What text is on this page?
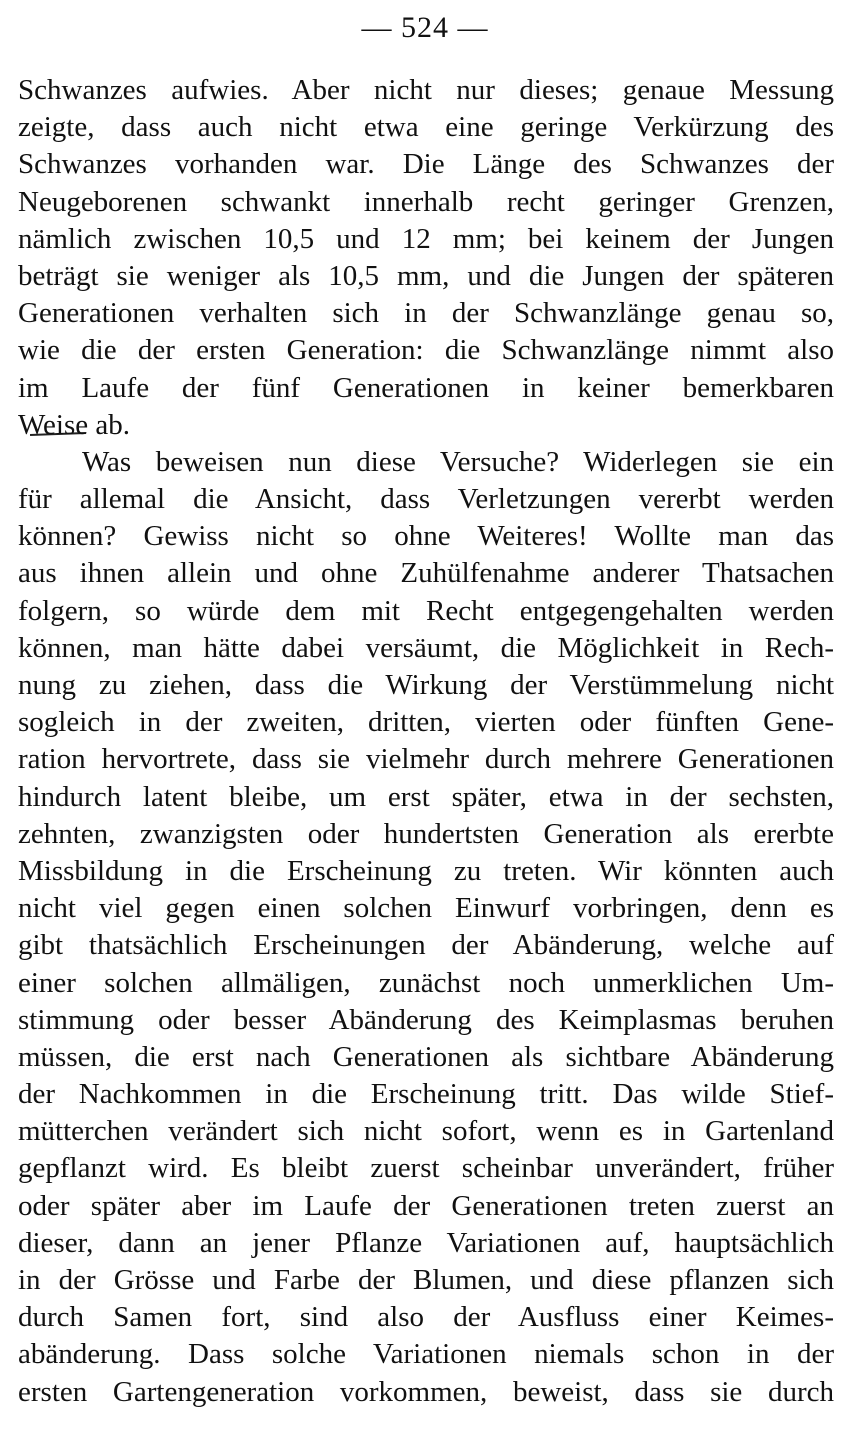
— 524 —
Schwanzes aufwies. Aber nicht nur dieses; genaue Messung
zeigte, dass auch nicht etwa eine geringe Verkürzung des
Schwanzes vorhanden war. Die Länge des Schwanzes der
Neugeborenen schwankt innerhalb recht geringer Grenzen,
nämlich zwischen 10,5 und 12 mm; bei keinem der Jungen
beträgt sie weniger als 10,5 mm, und die Jungen der späteren
Generationen verhalten sich in der Schwanzlänge genau so,
wie die der ersten Generation: die Schwanzlänge nimmt also
im Laufe der fünf Generationen in keiner bemerkbaren
Weise ab.
Was beweisen nun diese Versuche? Widerlegen sie ein
für allemal die Ansicht, dass Verletzungen vererbt werden
können? Gewiss nicht so ohne Weiteres! Wollte man das
aus ihnen allein und ohne Zuhülfenahme anderer Thatsachen
folgern, so würde dem mit Recht entgegengehalten werden
können, man hätte dabei versäumt, die Möglichkeit in Rech-
nung zu ziehen, dass die Wirkung der Verstümmelung nicht
sogleich in der zweiten, dritten, vierten oder fünften Gene-
ration hervortrete, dass sie vielmehr durch mehrere Generationen
hindurch latent bleibe, um erst später, etwa in der sechsten,
zehnten, zwanzigsten oder hundertsten Generation als ererbte
Missbildung in die Erscheinung zu treten. Wir könnten auch
nicht viel gegen einen solchen Einwurf vorbringen, denn es
gibt thatsächlich Erscheinungen der Abänderung, welche auf
einer solchen allmäligen, zunächst noch unmerklichen Um-
stimmung oder besser Abänderung des Keimplasmas beruhen
müssen, die erst nach Generationen als sichtbare Abänderung
der Nachkommen in die Erscheinung tritt. Das wilde Stief-
mütterchen verändert sich nicht sofort, wenn es in Gartenland
gepflanzt wird. Es bleibt zuerst scheinbar unverändert, früher
oder später aber im Laufe der Generationen treten zuerst an
dieser, dann an jener Pflanze Variationen auf, hauptsächlich
in der Grösse und Farbe der Blumen, und diese pflanzen sich
durch Samen fort, sind also der Ausfluss einer Keimes-
abänderung. Dass solche Variationen niemals schon in der
ersten Gartengeneration vorkommen, beweist, dass sie durch
